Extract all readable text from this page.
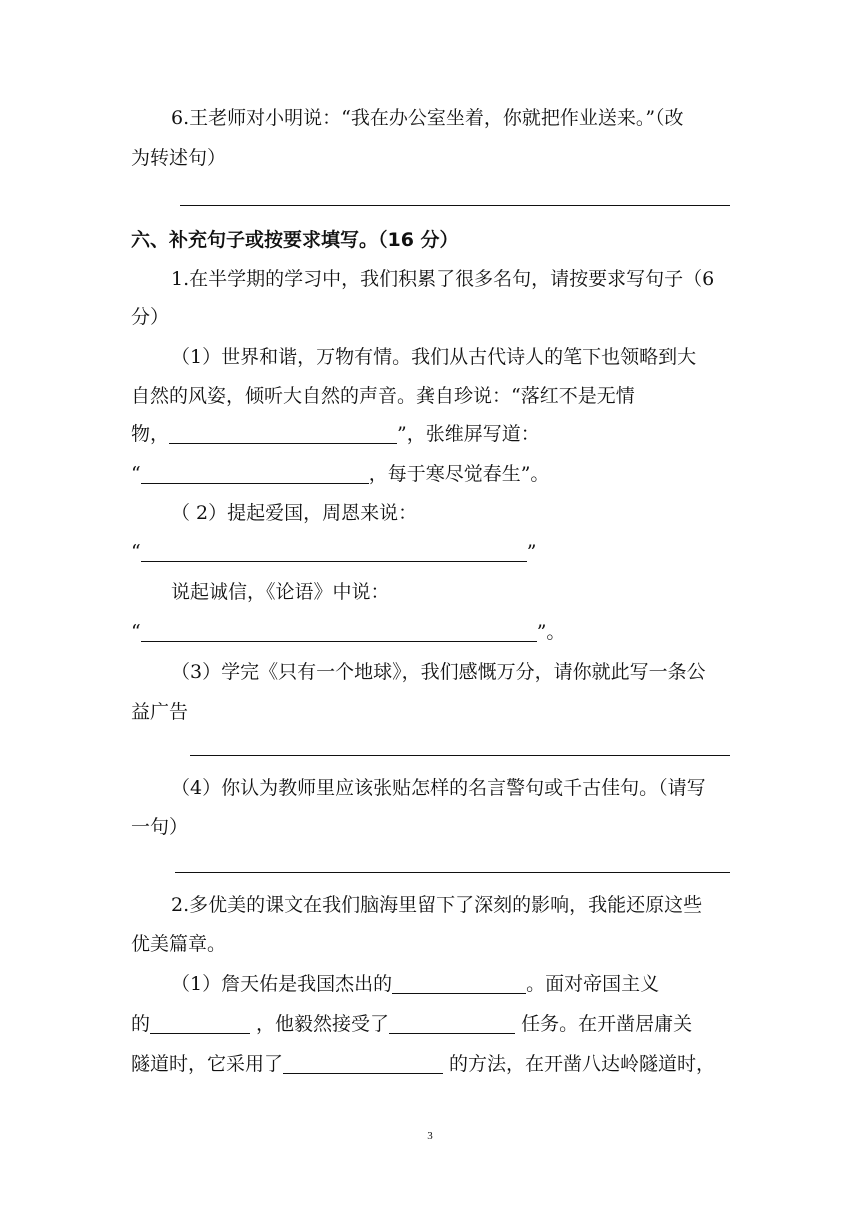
6.王老师对小明说：“我在办公室坐着，你就把作业送来。”（改
为转述句）
六、补充句子或按要求填写。（16 分）
1.在半学期的学习中，我们积累了很多名句，请按要求写句子（6
分）
（1）世界和谐，万物有情。我们从古代诗人的笔下也领略到大
自然的风姿，倾听大自然的声音。龚自珍说：“落红不是无情
物，	”，张维屏写道：
“	，每于寒尽觉春生”。
（ 2）提起爱国，周恩来说：
“	”
说起诚信，《论语》中说：
“	”。
（3）学完《只有一个地球》，我们感慨万分，请你就此写一条公
益广告
（4）你认为教师里应该张贴怎样的名言警句或千古佳句。（请写
一句）
2.多优美的课文在我们脑海里留下了深刻的影响，我能还原这些
优美篇章。
（1）詹天佑是我国杰出的	。面对帝国主义
的	，他毅然接受了	任务。在开凿居庸关
隧道时，它采用了	的方法，在开凿八达岭隧道时，
3
